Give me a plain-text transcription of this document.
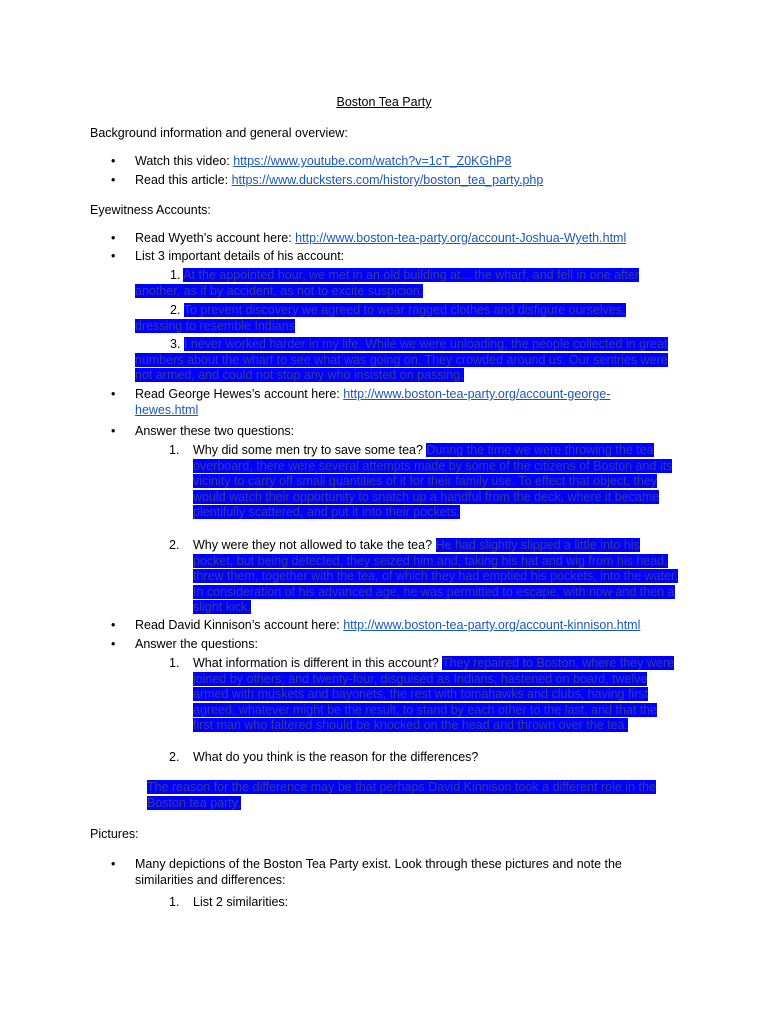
Boston Tea Party
Background information and general overview:
• Watch this video: https://www.youtube.com/watch?v=1cT_Z0KGhP8
• Read this article: https://www.ducksters.com/history/boston_tea_party.php
Eyewitness Accounts:
• Read Wyeth’s account here: http://www.boston-tea-party.org/account-Joshua-Wyeth.html
• List 3 important details of his account:
1. At the appointed hour, we met in an old building at... the wharf, and fell in one after another, as if by accident, as not to excite suspicion.
2. To prevent discovery we agreed to wear ragged clothes and disfigure ourselves, dressing to resemble Indians
3. I never worked harder in my life. While we were unloading, the people collected in great numbers about the wharf to see what was going on. They crowded around us. Our sentries were not armed, and could not stop any who insisted on passing.
• Read George Hewes’s account here: http://www.boston-tea-party.org/account-george-
hewes.html
• Answer these two questions:
1. Why did some men try to save some tea? During the time we were throwing the tea overboard, there were several attempts made by some of the citizens of Boston and its vicinity to carry off small quantities of it for their family use. To effect that object, they would watch their opportunity to snatch up a handful from the deck, where it became plentifully scattered, and put it into their pockets.
2. Why were they not allowed to take the tea? He had slightly slipped a little into his pocket, but being detected, they seized him and, taking his hat and wig from his head, threw them, together with the tea, of which they had emptied his pockets, into the water. In consideration of his advanced age, he was permitted to escape, with now and then a slight kick.
• Read David Kinnison’s account here: http://www.boston-tea-party.org/account-kinnison.html
• Answer the questions:
1. What information is different in this account? They repaired to Boston, where they were joined by others; and twenty-four, disguised as Indians, hastened on board, twelve armed with muskets and bayonets, the rest with tomahawks and clubs, having first agreed, whatever might be the result, to stand by each other to the last, and that the first man who faltered should be knocked on the head and thrown over the tea.
2. What do you think is the reason for the differences?
The reason for the difference may be that perhaps David Kinnison took a different role in the Boston tea party.
Pictures:
• Many depictions of the Boston Tea Party exist. Look through these pictures and note the similarities and differences:
1. List 2 similarities:
